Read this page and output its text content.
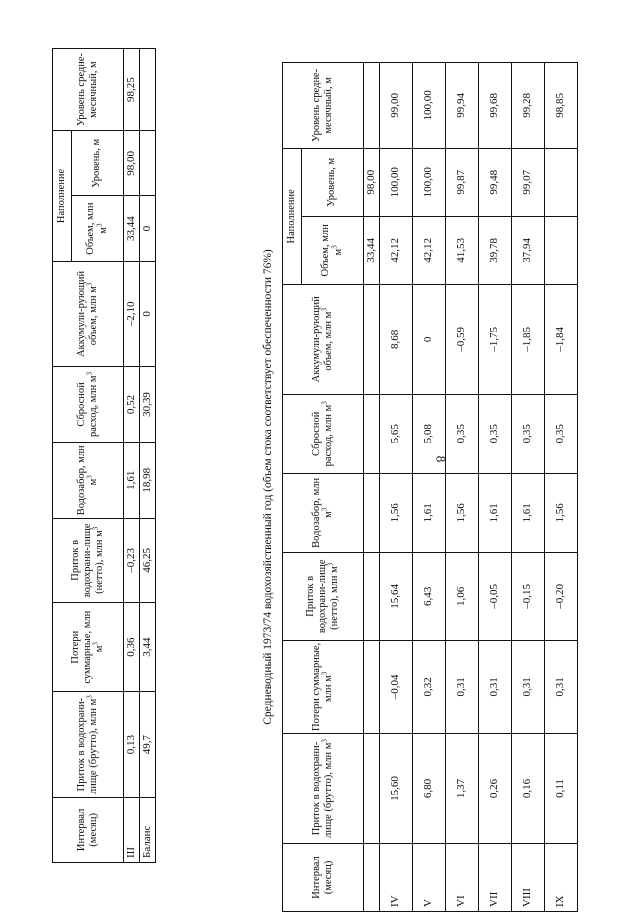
8
Интервал (месяц)	Приток в водохрани-лище (брутто), млн $м^3$	Потери суммарные, млн $м^3$	Приток в водохрани-лище (нетто), млн $м^3$	Водозабор, млн $м^3$	Сбросной расход, млн $м^3$	Аккумули-рующий объем, млн $м^3$	Наполнение		Уровень средне-месячный, м
							Объем, млн $м^3$	Уровень, м	
III	0,13	0,36	–0,23	1,61	0,52	–2,10	33,44	98,00	98,25
Баланс	49,7	3,44	46,25	18,98	30,39	0	0		
Средневодный 1973/74 водохозяйственный год (объем стока соответствует обеспеченности 76%)
Интервал (месяц)	Приток в водохрани-лище (брутто), млн $м^3$	Потери суммарные, млн $м^3$	Приток в водохрани-лище (нетто), млн $м^3$	Водозабор, млн $м^3$	Сбросной расход, млн $м^3$	Аккумули-рующий объем, млн $м^3$	Наполнение		Уровень средне-месячный, м
							Объем, млн $м^3$	Уровень, м	
							33,44	98,00	
IV	15,60	–0,04	15,64	1,56	5,65	8,68	42,12	100,00	99,00
V	6,80	0,32	6,43	1,61	5,08	0	42,12	100,00	100,00
VI	1,37	0,31	1,06	1,56	0,35	–0,59	41,53	99,87	99,94
VII	0,26	0,31	–0,05	1,61	0,35	–1,75	39,78	99,48	99,68
VIII	0,16	0,31	–0,15	1,61	0,35	–1,85	37,94	99,07	99,28
IX	0,11	0,31	–0,20	1,56	0,35	–1,84			98,85
